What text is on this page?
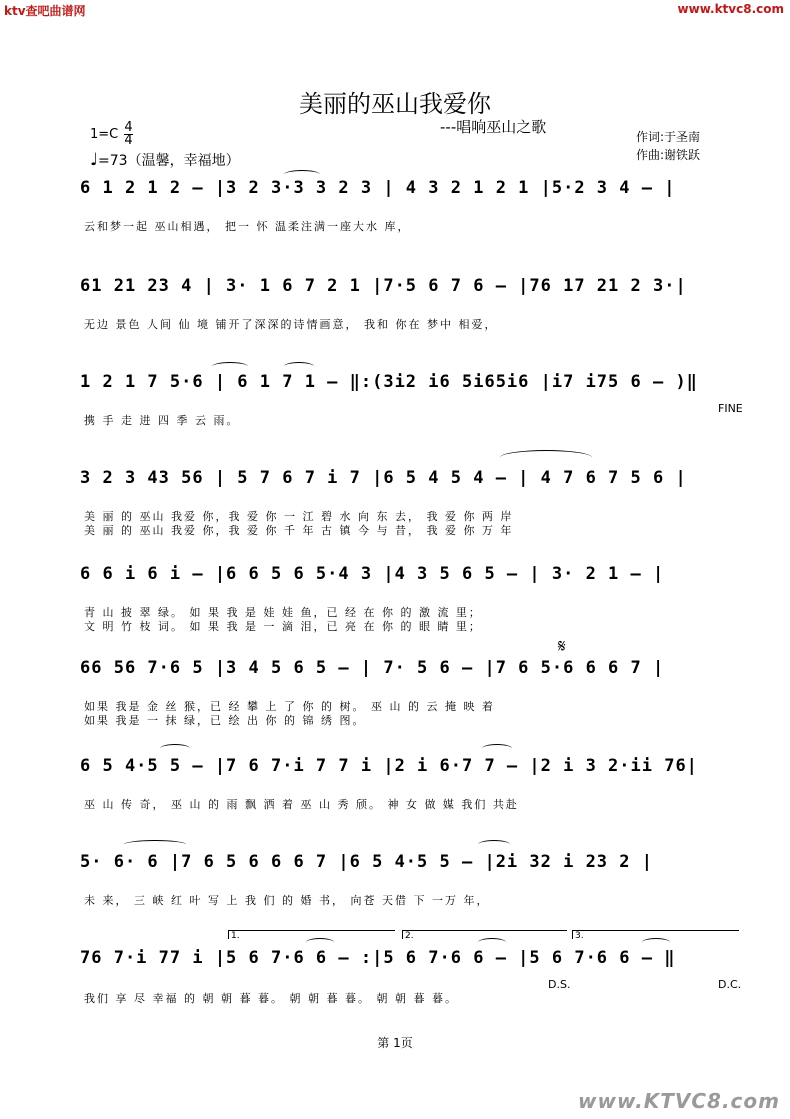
ktv查吧曲谱网	www.ktvc8.com
美丽的巫山我爱你
---唱响巫山之歌
$1=C \frac{4}{4}$
♩=73（温馨，幸福地）
作词:于圣南
作曲:谢铁跃
6 1 2 1 2 – |3 2 3·3 3 2 3 | 4 3 2 1 2 1 |5·2 3 4 – |
云和梦一起 巫山相遇， 把一 怀 温柔注满一座大水 库，
61 21 23 4 | 3· 1 6 7 2 1 |7·5 6 7 6 – |76 17 21 2 3·|
无边 景色 人间 仙 境 铺开了深深的诗情画意， 我和 你在 梦中 相爱，
1 2 1 7 5·6 | 6 1 7 1 – ‖:(3i2 i6 5i65i6 |i7 i75 6 – )‖
携 手 走 进 四 季 云 雨。
FINE
3 2 3 43 56 | 5 7 6 7 i 7 |6 5 4 5 4 – | 4 7 6 7 5 6 |
美 丽 的 巫山 我爱 你，我 爱 你 一 江 碧 水 向 东 去， 我 爱 你 两 岸
美 丽 的 巫山 我爱 你，我 爱 你 千 年 古 镇 今 与 昔， 我 爱 你 万 年
6 6 i 6 i – |6 6 5 6 5·4 3 |4 3 5 6 5 – | 3· 2 1 – |
青 山 披 翠 绿。 如 果 我 是 娃 娃 鱼，已 经 在 你 的 激 流 里；
文 明 竹 枝 词。 如 果 我 是 一 滴 泪，已 亮 在 你 的 眼 睛 里；
66 56 7·6 5 |3 4 5 6 5 – | 7· 5 6 – |7 6 5·6 6 6 7 |
𝄋
如果 我是 金 丝 猴，已 经 攀 上 了 你 的 树。 巫 山 的 云 掩 映 着
如果 我是 一 抹 绿，已 绘 出 你 的 锦 绣 图。
6 5 4·5 5 – |7 6 7·i 7 7 i |2 i 6·7 7 – |2 i 3 2·ii 76|
巫 山 传 奇， 巫 山 的 雨 飘 洒 着 巫 山 秀 颀。 神 女 做 媒 我们 共赴
5· 6· 6 |7 6 5 6 6 6 7 |6 5 4·5 5 – |2i 32 i 23 2 |
未 来， 三 峡 红 叶 写 上 我 们 的 婚 书， 向苍 天借 下 一万 年，
1.	2.	3.
76 7·i 77 i |5 6 7·6 6 – :|5 6 7·6 6 – |5 6 7·6 6 – ‖
我们 享 尽 幸福 的 朝 朝 暮 暮。 朝 朝 暮 暮。 朝 朝 暮 暮。
D.S.	D.C.
第 1页
www.KTVC8.com
